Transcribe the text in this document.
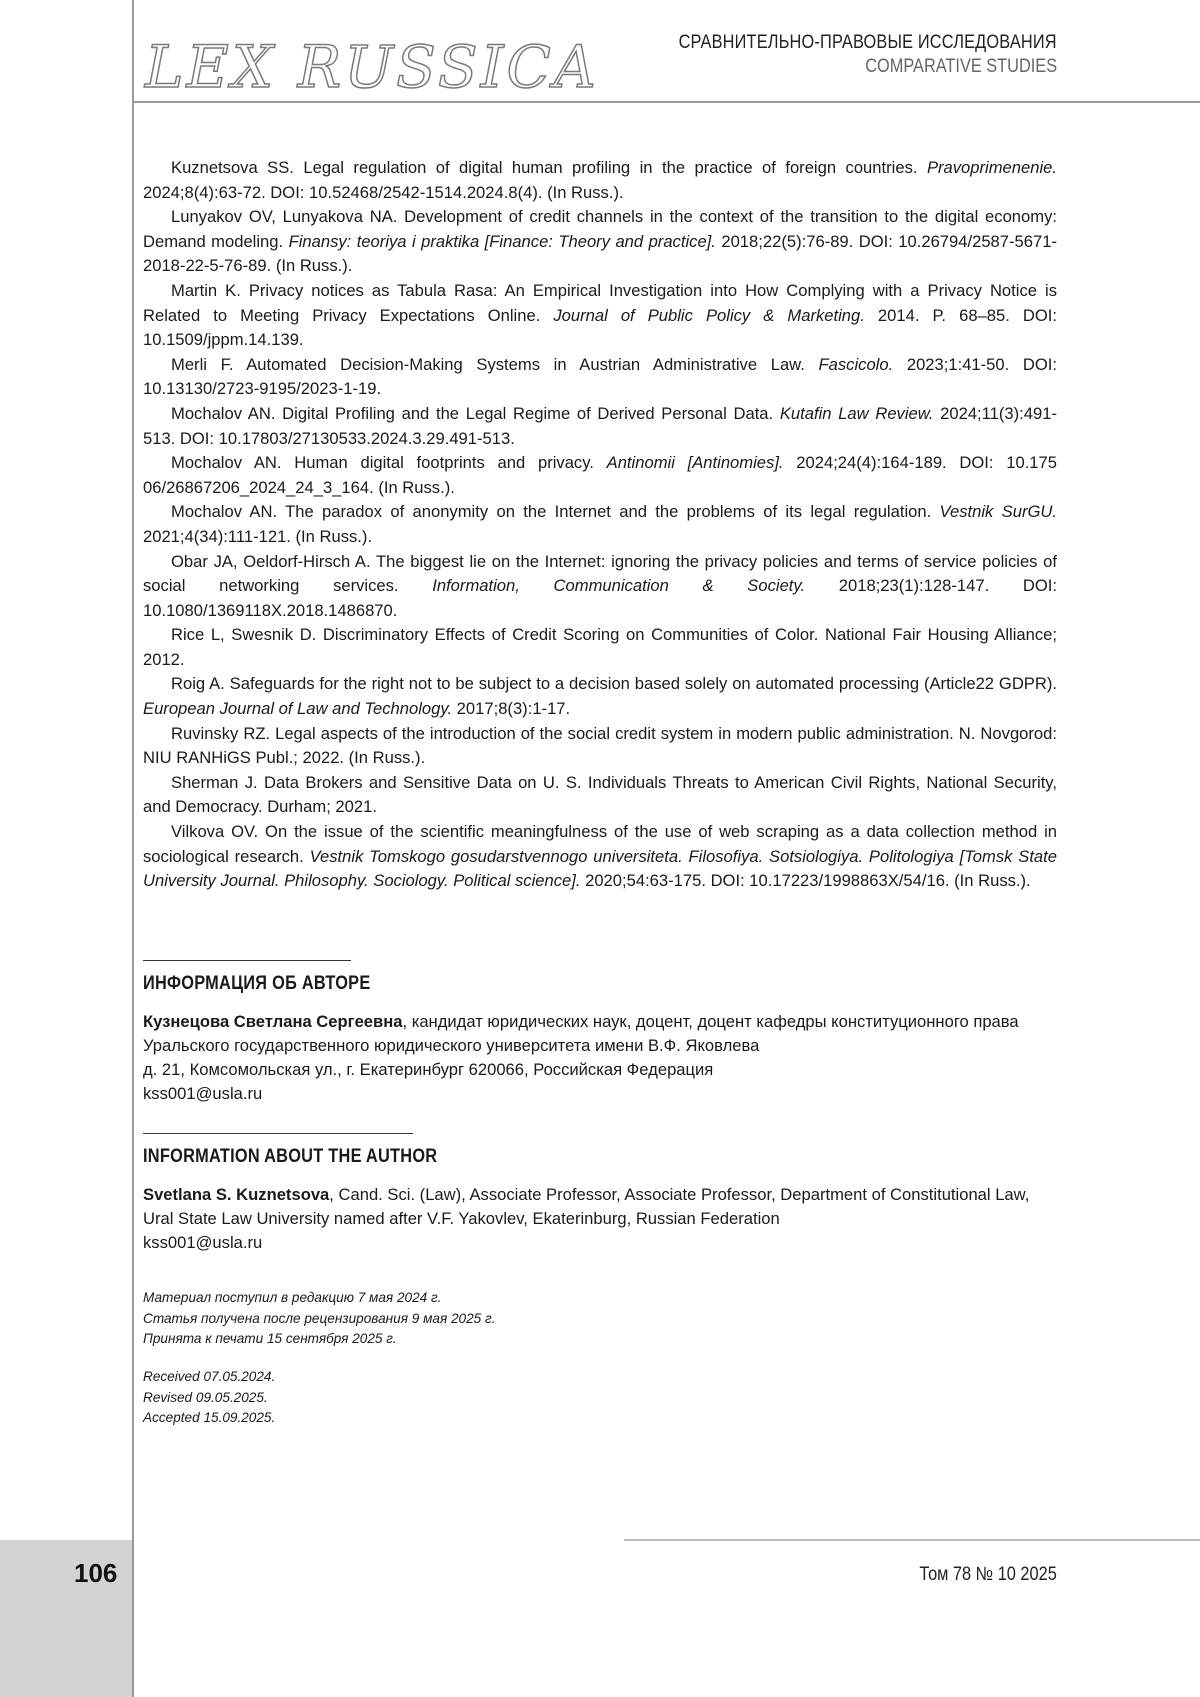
LEX RUSSICA	СРАВНИТЕЛЬНО-ПРАВОВЫЕ ИССЛЕДОВАНИЯ
COMPARATIVE STUDIES

Kuznetsova SS. Legal regulation of digital human profiling in the practice of foreign countries. Pravoprimenenie. 2024;8(4):63-72. DOI: 10.52468/2542-1514.2024.8(4). (In Russ.).

Lunyakov OV, Lunyakova NA. Development of credit channels in the context of the transition to the digital economy: Demand modeling. Finansy: teoriya i praktika [Finance: Theory and practice]. 2018;22(5):76-89. DOI: 10.26794/2587-5671-2018-22-5-76-89. (In Russ.).

Martin K. Privacy notices as Tabula Rasa: An Empirical Investigation into How Complying with a Privacy Notice is Related to Meeting Privacy Expectations Online. Journal of Public Policy & Marketing. 2014. P. 68–85. DOI: 10.1509/jppm.14.139.

Merli F. Automated Decision-Making Systems in Austrian Administrative Law. Fascicolo. 2023;1:41-50. DOI: 10.13130/2723-9195/2023-1-19.

Mochalov AN. Digital Profiling and the Legal Regime of Derived Personal Data. Kutafin Law Review. 2024;11(3):491-513. DOI: 10.17803/27130533.2024.3.29.491-513.

Mochalov AN. Human digital footprints and privacy. Antinomii [Antinomies]. 2024;24(4):164-189. DOI: 10.175 06/26867206_2024_24_3_164. (In Russ.).

Mochalov AN. The paradox of anonymity on the Internet and the problems of its legal regulation. Vestnik SurGU. 2021;4(34):111-121. (In Russ.).

Obar JA, Oeldorf-Hirsch A. The biggest lie on the Internet: ignoring the privacy policies and terms of service policies of social networking services. Information, Communication & Society. 2018;23(1):128-147. DOI: 10.1080/1369118X.2018.1486870.

Rice L, Swesnik D. Discriminatory Effects of Credit Scoring on Communities of Color. National Fair Housing Alliance; 2012.

Roig A. Safeguards for the right not to be subject to a decision based solely on automated processing (Article22 GDPR). European Journal of Law and Technology. 2017;8(3):1-17.

Ruvinsky RZ. Legal aspects of the introduction of the social credit system in modern public administration. N. Novgorod: NIU RANHiGS Publ.; 2022. (In Russ.).

Sherman J. Data Brokers and Sensitive Data on U. S. Individuals Threats to American Civil Rights, National Security, and Democracy. Durham; 2021.

Vilkova OV. On the issue of the scientific meaningfulness of the use of web scraping as a data collection method in sociological research. Vestnik Tomskogo gosudarstvennogo universiteta. Filosofiya. Sotsiologiya. Politologiya [Tomsk State University Journal. Philosophy. Sociology. Political science]. 2020;54:63-175. DOI: 10.17223/1998863X/54/16. (In Russ.).

ИНФОРМАЦИЯ ОБ АВТОРЕ

Кузнецова Светлана Сергеевна, кандидат юридических наук, доцент, доцент кафедры конституционного права Уральского государственного юридического университета имени В.Ф. Яковлева

д. 21, Комсомольская ул., г. Екатеринбург 620066, Российская Федерация

kss001@usla.ru

INFORMATION ABOUT THE AUTHOR

Svetlana S. Kuznetsova, Cand. Sci. (Law), Associate Professor, Associate Professor, Department of Constitutional Law, Ural State Law University named after V.F. Yakovlev, Ekaterinburg, Russian Federation

kss001@usla.ru

Материал поступил в редакцию 7 мая 2024 г.

Статья получена после рецензирования 9 мая 2025 г.

Принята к печати 15 сентября 2025 г.

Received 07.05.2024.

Revised 09.05.2025.

Accepted 15.09.2025.

106	Том 78 № 10 2025
